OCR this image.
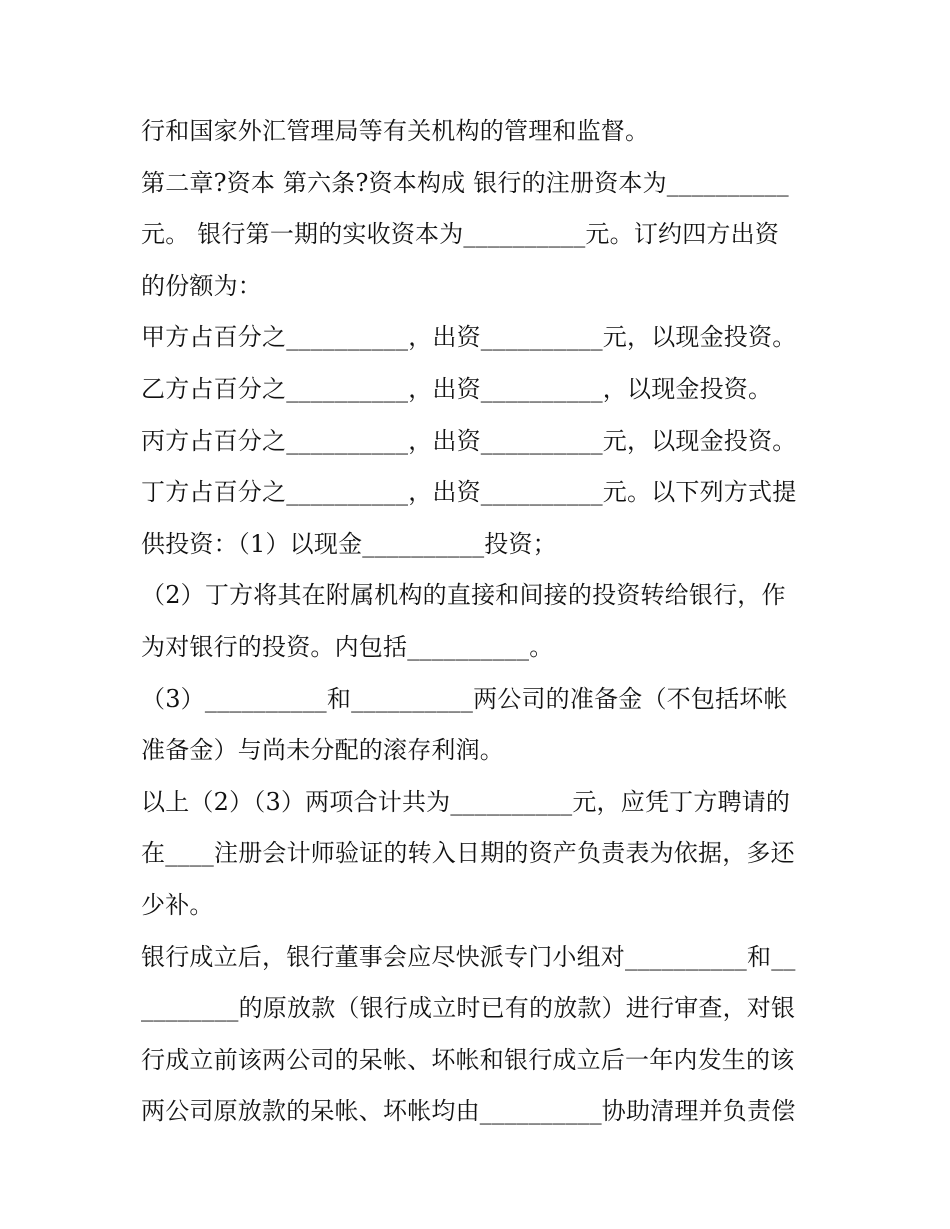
行和国家外汇管理局等有关机构的管理和监督。
第二章?资本 第六条?资本构成 银行的注册资本为__________
元。 银行第一期的实收资本为__________元。订约四方出资
的份额为：
甲方占百分之__________，出资__________元，以现金投资。
乙方占百分之__________，出资__________，以现金投资。
丙方占百分之__________，出资__________元，以现金投资。
丁方占百分之__________，出资__________元。以下列方式提
供投资：（1）以现金__________投资；
（2）丁方将其在附属机构的直接和间接的投资转给银行，作
为对银行的投资。内包括__________。
（3）__________和__________两公司的准备金（不包括坏帐
准备金）与尚未分配的滚存利润。
以上（2）（3）两项合计共为__________元，应凭丁方聘请的
在____注册会计师验证的转入日期的资产负责表为依据，多还
少补。
银行成立后，银行董事会应尽快派专门小组对__________和__
________的原放款（银行成立时已有的放款）进行审查，对银
行成立前该两公司的呆帐、坏帐和银行成立后一年内发生的该
两公司原放款的呆帐、坏帐均由__________协助清理并负责偿
